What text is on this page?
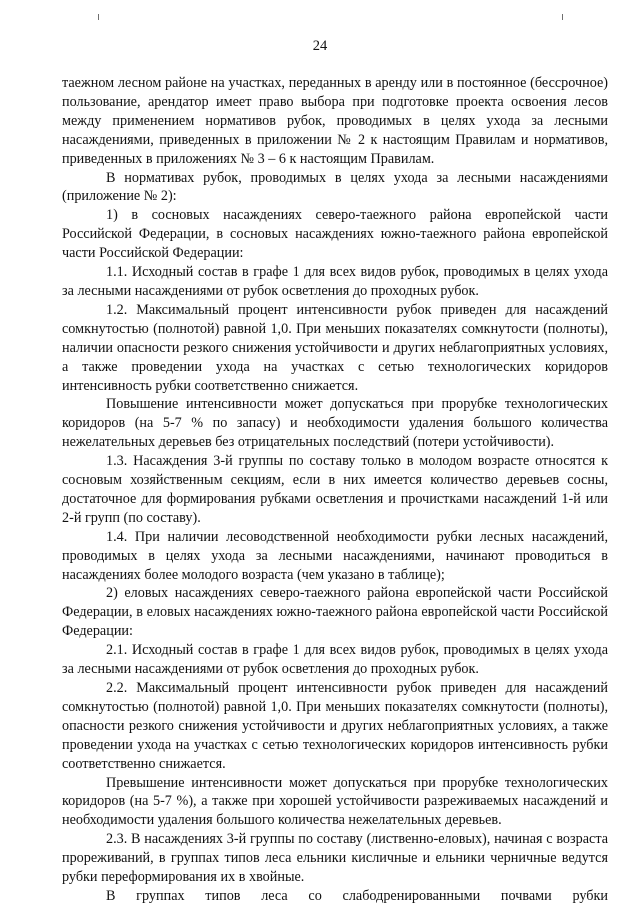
24

таежном лесном районе на участках, переданных в аренду или в постоянное (бессрочное) пользование, арендатор имеет право выбора при подготовке проекта освоения лесов между применением нормативов рубок, проводимых в целях ухода за лесными насаждениями, приведенных в приложении № 2 к настоящим Правилам и нормативов, приведенных в приложениях № 3 – 6 к настоящим Правилам.

В нормативах рубок, проводимых в целях ухода за лесными насаждениями (приложение № 2):

1) в сосновых насаждениях северо-таежного района европейской части Российской Федерации, в сосновых насаждениях южно-таежного района европейской части Российской Федерации:

1.1. Исходный состав в графе 1 для всех видов рубок, проводимых в целях ухода за лесными насаждениями от рубок осветления до проходных рубок.

1.2. Максимальный процент интенсивности рубок приведен для насаждений сомкнутостью (полнотой) равной 1,0. При меньших показателях сомкнутости (полноты), наличии опасности резкого снижения устойчивости и других неблагоприятных условиях, а также проведении ухода на участках с сетью технологических коридоров интенсивность рубки соответственно снижается.

Повышение интенсивности может допускаться при прорубке технологических коридоров (на 5-7 % по запасу) и необходимости удаления большого количества нежелательных деревьев без отрицательных последствий (потери устойчивости).

1.3. Насаждения 3-й группы по составу только в молодом возрасте относятся к сосновым хозяйственным секциям, если в них имеется количество деревьев сосны, достаточное для формирования рубками осветления и прочистками насаждений 1-й или 2-й групп (по составу).

1.4. При наличии лесоводственной необходимости рубки лесных насаждений, проводимых в целях ухода за лесными насаждениями, начинают проводиться в насаждениях более молодого возраста (чем указано в таблице);

2) еловых насаждениях северо-таежного района европейской части Российской Федерации, в еловых насаждениях южно-таежного района европейской части Российской Федерации:

2.1. Исходный состав в графе 1 для всех видов рубок, проводимых в целях ухода за лесными насаждениями от рубок осветления до проходных рубок.

2.2. Максимальный процент интенсивности рубок приведен для насаждений сомкнутостью (полнотой) равной 1,0. При меньших показателях сомкнутости (полноты), опасности резкого снижения устойчивости и других неблагоприятных условиях, а также проведении ухода на участках с сетью технологических коридоров интенсивность рубки соответственно снижается.

Превышение интенсивности может допускаться при прорубке технологических коридоров (на 5-7 %), а также при хорошей устойчивости разреживаемых насаждений и необходимости удаления большого количества нежелательных деревьев.

2.3. В насаждениях 3-й группы по составу (лиственно-еловых), начиная с возраста прореживаний, в группах типов леса ельники кисличные и ельники черничные ведутся рубки переформирования их в хвойные.

В группах типов леса со слабодренированными почвами рубки
